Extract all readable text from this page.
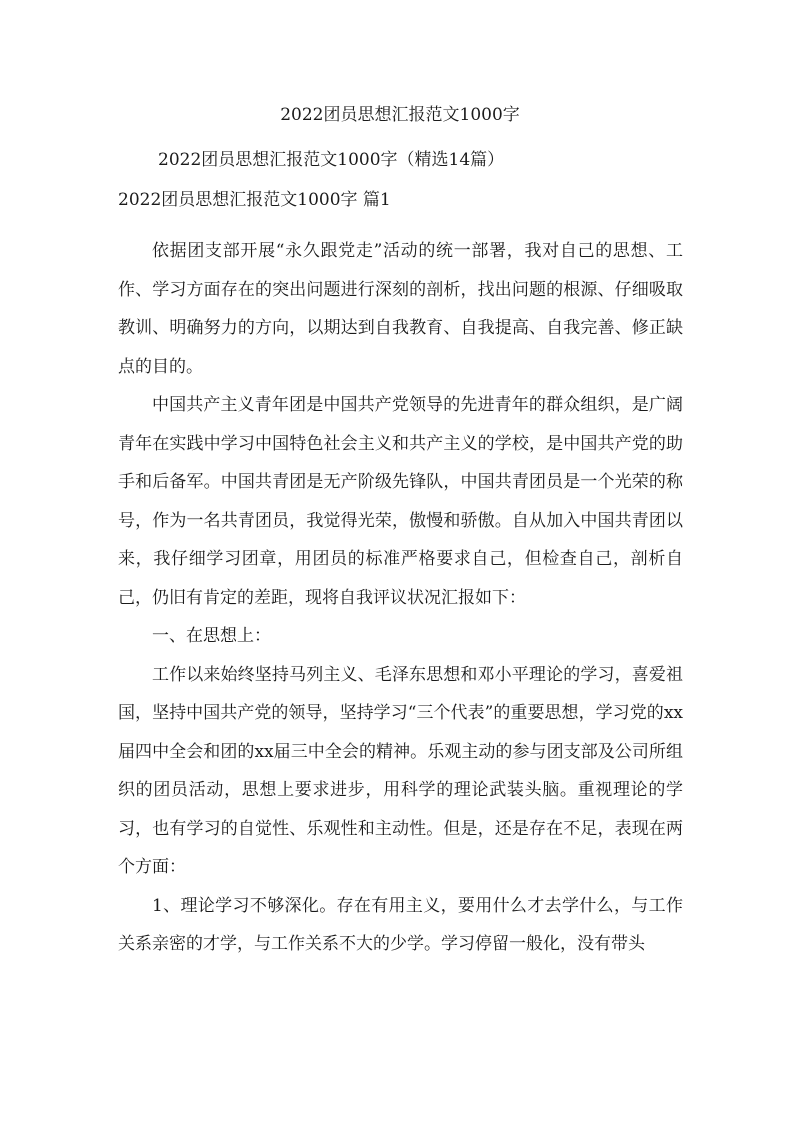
2022团员思想汇报范文1000字
2022团员思想汇报范文1000字（精选14篇）
2022团员思想汇报范文1000字 篇1

依据团支部开展“永久跟党走”活动的统一部署，我对自己的思想、工作、学习方面存在的突出问题进行深刻的剖析，找出问题的根源、仔细吸取教训、明确努力的方向，以期达到自我教育、自我提高、自我完善、修正缺点的目的。

中国共产主义青年团是中国共产党领导的先进青年的群众组织，是广阔青年在实践中学习中国特色社会主义和共产主义的学校，是中国共产党的助手和后备军。中国共青团是无产阶级先锋队，中国共青团员是一个光荣的称号，作为一名共青团员，我觉得光荣，傲慢和骄傲。自从加入中国共青团以来，我仔细学习团章，用团员的标准严格要求自己，但检查自己，剖析自己，仍旧有肯定的差距，现将自我评议状况汇报如下：

一、在思想上：

工作以来始终坚持马列主义、毛泽东思想和邓小平理论的学习，喜爱祖国，坚持中国共产党的领导，坚持学习“三个代表”的重要思想，学习党的xx届四中全会和团的xx届三中全会的精神。乐观主动的参与团支部及公司所组织的团员活动，思想上要求进步，用科学的理论武装头脑。重视理论的学习，也有学习的自觉性、乐观性和主动性。但是，还是存在不足，表现在两个方面：

1、理论学习不够深化。存在有用主义，要用什么才去学什么，与工作关系亲密的才学，与工作关系不大的少学。学习停留一般化，没有带头
